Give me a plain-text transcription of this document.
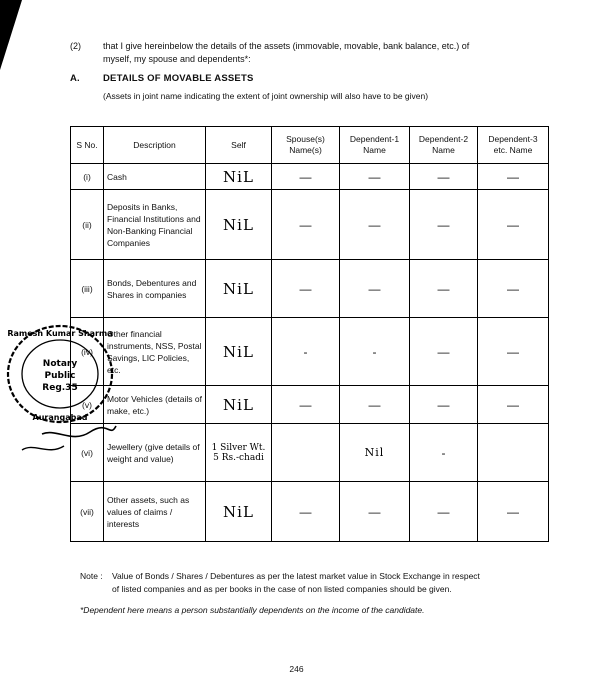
(2) that I give hereinbelow the details of the assets (immovable, movable, bank balance, etc.) of
myself, my spouse and dependents*:
A. DETAILS OF MOVABLE ASSETS
(Assets in joint name indicating the extent of joint ownership will also have to be given)
S No.	Description	Self	Spouse(s) Name(s)	Dependent-1 Name	Dependent-2 Name	Dependent-3 etc. Name
(i)	Cash	NiL	—	—	—	—
(ii)	Deposits in Banks, Financial Institutions and Non-Banking Financial Companies	NiL	—	—	—	—
(iii)	Bonds, Debentures and Shares in companies	NiL	—	—	—	—
(iv)	Other financial instruments, NSS, Postal Savings, LIC Policies, etc.	NiL	-	-	—	—
(v)	Motor Vehicles (details of make, etc.)	NiL	—	—	—	—
(vi)	Jewellery (give details of weight and value)	1 Silver Wt. 5 Rs.-chadi		Nil	-	
(vii)	Other assets, such as values of claims / interests	NiL	—	—	—	—
Ramesh Kumar Sharma
Notary
Public
Reg.35
Aurangabad
Note : Value of Bonds / Shares / Debentures as per the latest market value in Stock Exchange in respect
of listed companies and as per books in the case of non listed companies should be given.
*Dependent here means a person substantially dependents on the income of the candidate.
246
